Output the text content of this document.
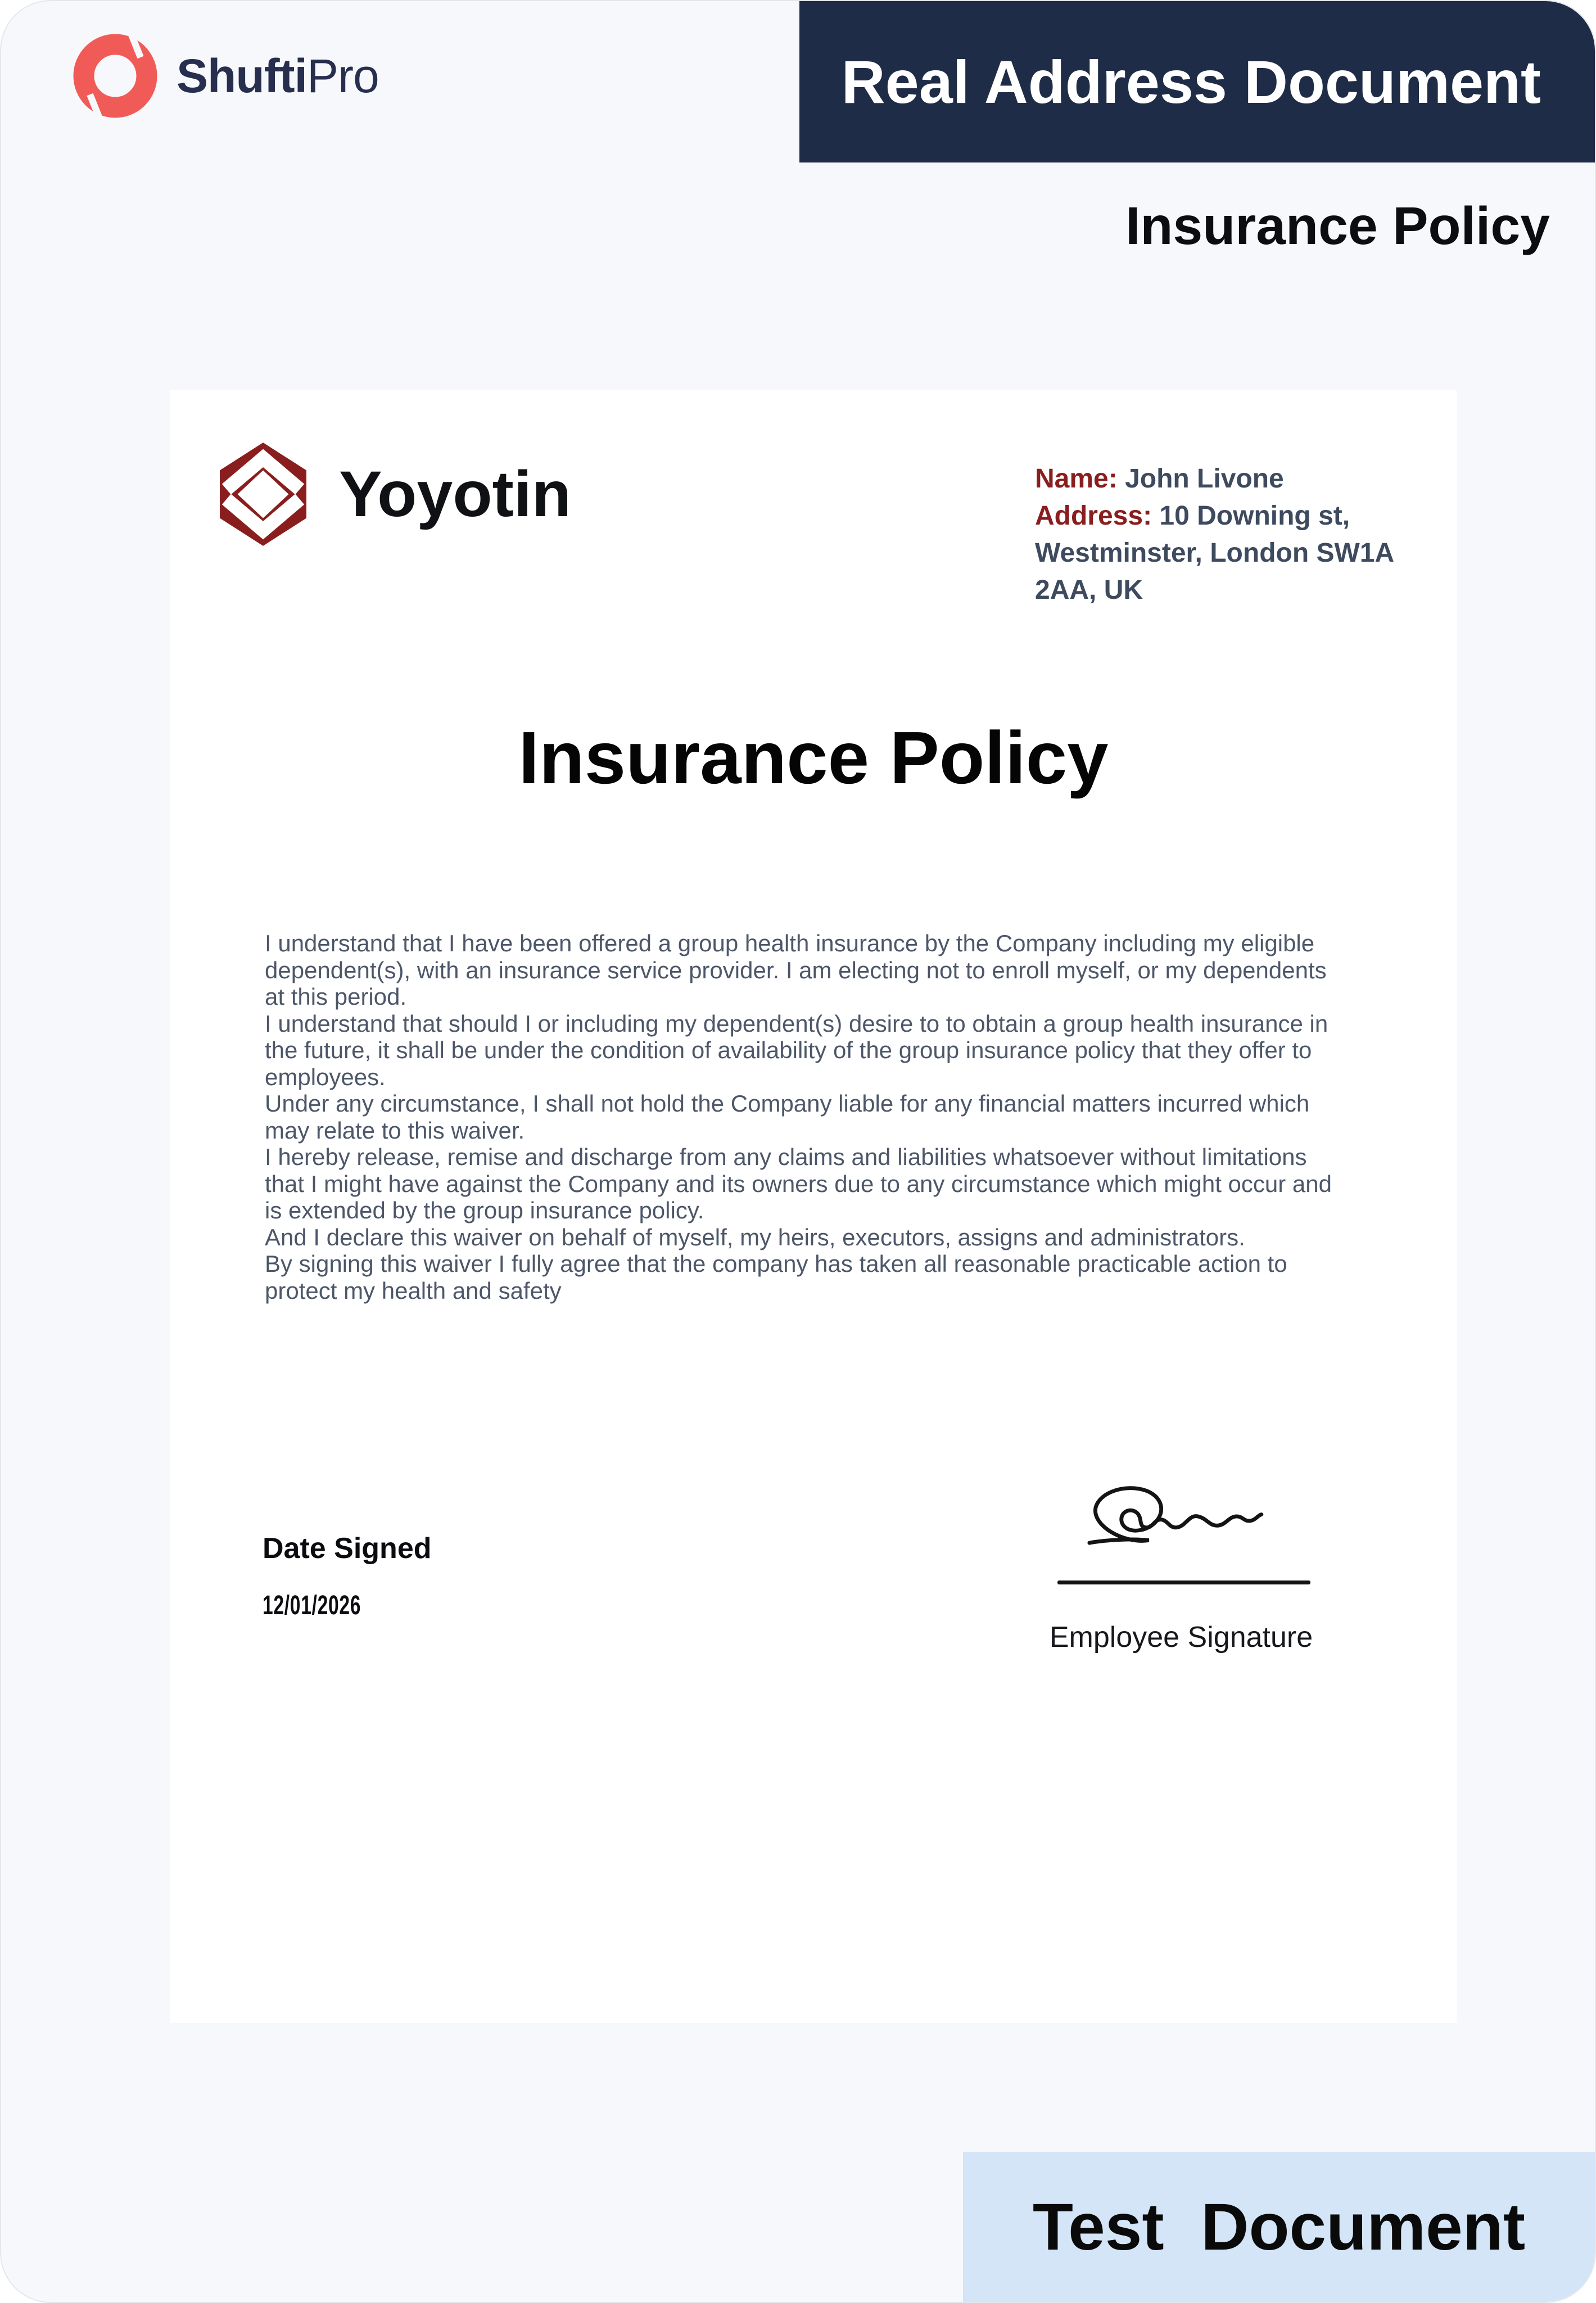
ShuftiPro	Real Address Document
Insurance Policy
Yoyotin	Name: John Livone
Address: 10 Downing st, Westminster, London SW1A 2AA, UK
Insurance Policy

I understand that I have been offered a group health insurance by the Company including my eligible dependent(s), with an insurance service provider. I am electing not to enroll myself, or my dependents at this period.

I understand that should I or including my dependent(s) desire to to obtain a group health insurance in the future, it shall be under the condition of availability of the group insurance policy that they offer to employees.

Under any circumstance, I shall not hold the Company liable for any financial matters incurred which may relate to this waiver.

I hereby release, remise and discharge from any claims and liabilities whatsoever without limitations that I might have against the Company and its owners due to any circumstance which might occur and is extended by the group insurance policy.

And I declare this waiver on behalf of myself, my heirs, executors, assigns and administrators.

By signing this waiver I fully agree that the company has taken all reasonable practicable action to protect my health and safety

Date Signed
12/01/2026
Employee Signature
Test  Document
